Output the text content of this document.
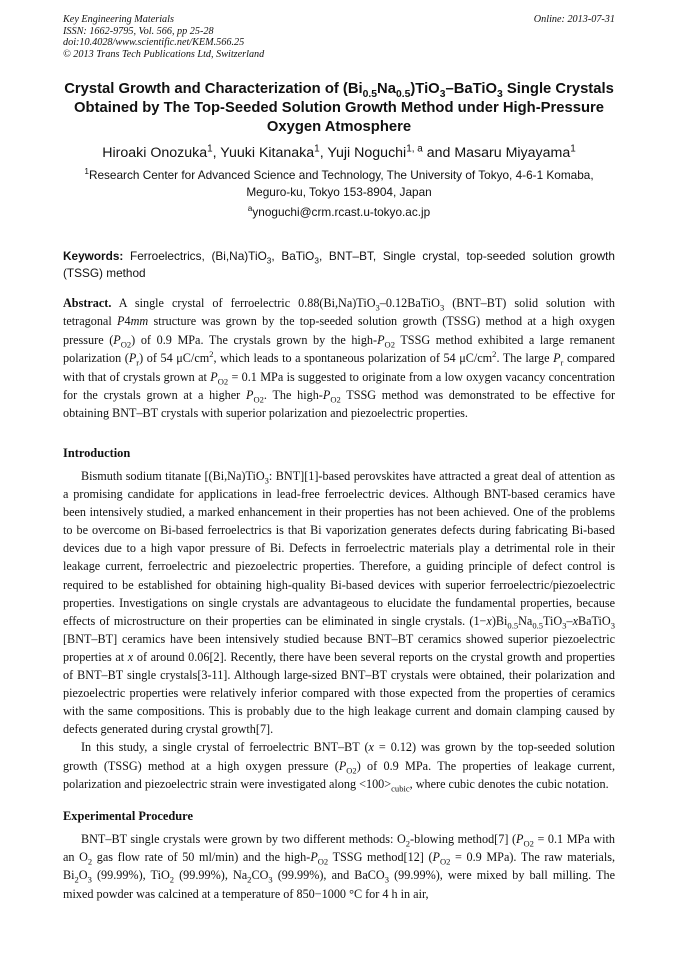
Key Engineering Materials
ISSN: 1662-9795, Vol. 566, pp 25-28
doi:10.4028/www.scientific.net/KEM.566.25
© 2013 Trans Tech Publications Ltd, Switzerland
Online: 2013-07-31
Crystal Growth and Characterization of $(Bi_{0.5}Na_{0.5})TiO_3-BaTiO_3$ Single Crystals Obtained by The Top-Seeded Solution Growth Method under High-Pressure Oxygen Atmosphere
Hiroaki Onozuka$^1$, Yuuki Kitanaka$^1$, Yuji Noguchi$^{1, a}$ and Masaru Miyayama$^1$
$^1$Research Center for Advanced Science and Technology, The University of Tokyo, 4-6-1 Komaba, Meguro-ku, Tokyo 153-8904, Japan
$^a$ynoguchi@crm.rcast.u-tokyo.ac.jp
Keywords: Ferroelectrics, (Bi,Na)TiO$_3$, BaTiO$_3$, BNT–BT, Single crystal, top-seeded solution growth (TSSG) method
Abstract. A single crystal of ferroelectric 0.88(Bi,Na)TiO$_3$–0.12BaTiO$_3$ (BNT–BT) solid solution with tetragonal P4mm structure was grown by the top-seeded solution growth (TSSG) method at a high oxygen pressure $(P_{O2})$ of 0.9 MPa. The crystals grown by the high-$P_{O2}$ TSSG method exhibited a large remanent polarization $(P_r)$ of 54 $\mu C/cm^2$, which leads to a spontaneous polarization of 54 $\mu C/cm^2$. The large $P_r$ compared with that of crystals grown at $P_{O2} = 0.1$ MPa is suggested to originate from a low oxygen vacancy concentration for the crystals grown at a higher $P_{O2}$. The high-$P_{O2}$ TSSG method was demonstrated to be effective for obtaining BNT–BT crystals with superior polarization and piezoelectric properties.
Introduction

Bismuth sodium titanate [(Bi,Na)TiO$_3$: BNT][1]-based perovskites have attracted a great deal of attention as a promising candidate for applications in lead-free ferroelectric devices. Although BNT-based ceramics have been intensively studied, a marked enhancement in their properties has not been achieved. One of the problems to be overcome on Bi-based ferroelectrics is that Bi vaporization generates defects during fabricating Bi-based devices due to a high vapor pressure of Bi. Defects in ferroelectric materials play a detrimental role in their leakage current, ferroelectric and piezoelectric properties. Therefore, a guiding principle of defect control is required to be established for obtaining high-quality Bi-based devices with superior ferroelectric/piezoelectric properties. Investigations on single crystals are advantageous to elucidate the fundamental properties, because effects of microstructure on their properties can be eliminated in single crystals. $(1-x)Bi_{0.5}Na_{0.5}TiO_3-xBaTiO_3$ [BNT–BT] ceramics have been intensively studied because BNT–BT ceramics showed superior piezoelectric properties at x of around 0.06[2]. Recently, there have been several reports on the crystal growth and properties of BNT–BT single crystals[3-11]. Although large-sized BNT–BT crystals were obtained, their polarization and piezoelectric properties were relatively inferior compared with those expected from the properties of ceramics with the same compositions. This is probably due to the high leakage current and domain clamping caused by defects generated during crystal growth[7].

In this study, a single crystal of ferroelectric BNT–BT (x = 0.12) was grown by the top-seeded solution growth (TSSG) method at a high oxygen pressure $(P_{O2})$ of 0.9 MPa. The properties of leakage current, polarization and piezoelectric strain were investigated along $<100>_{cubic}$, where cubic denotes the cubic notation.

Experimental Procedure

BNT–BT single crystals were grown by two different methods: $O_2$-blowing method[7] ($P_{O2} = 0.1$ MPa with an $O_2$ gas flow rate of 50 ml/min) and the high-$P_{O2}$ TSSG method[12] ($P_{O2} = 0.9$ MPa). The raw materials, $Bi_2O_3$ (99.99%), TiO$_2$ (99.99%), $Na_2CO_3$ (99.99%), and BaCO$_3$ (99.99%), were mixed by ball milling. The mixed powder was calcined at a temperature of 850−1000 °C for 4 h in air,
